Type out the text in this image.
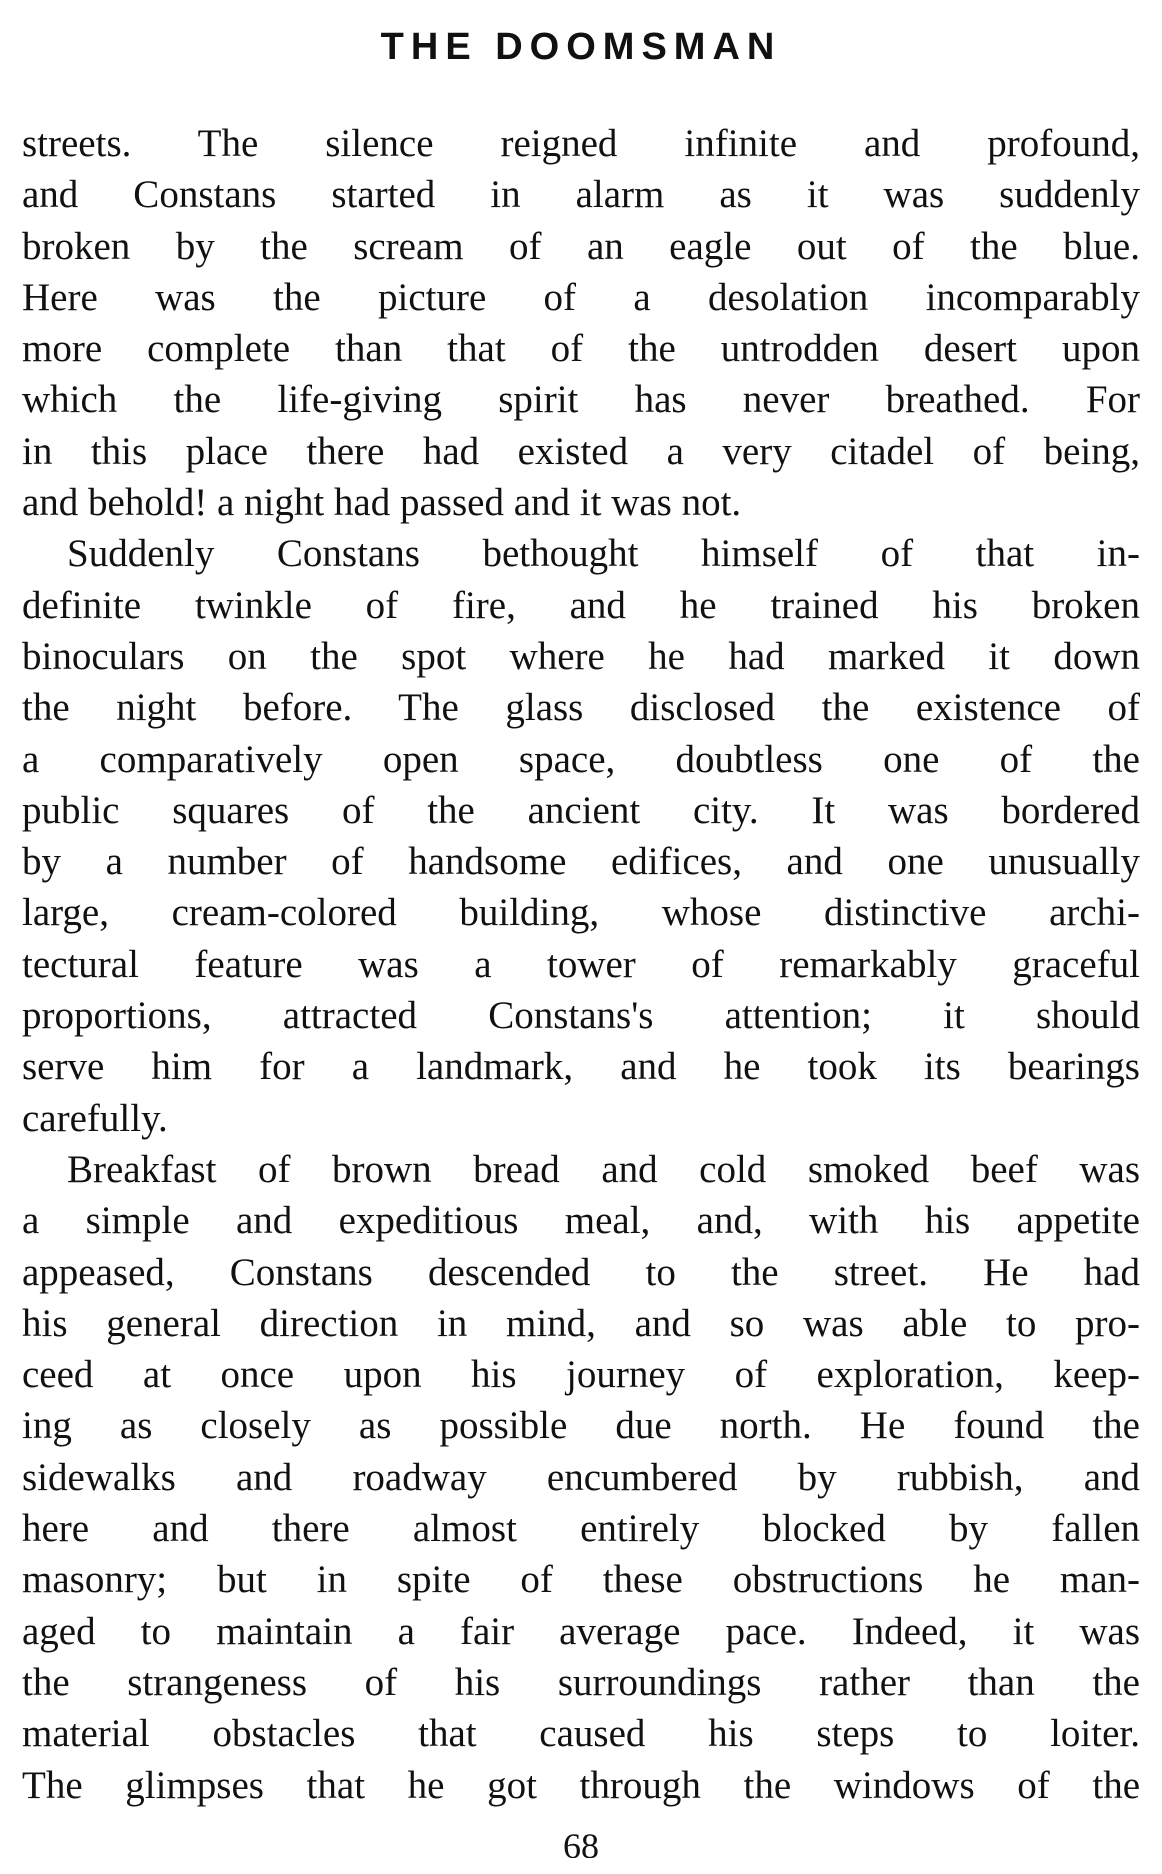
THE DOOMSMAN
streets. The silence reigned infinite and profound,
and Constans started in alarm as it was suddenly
broken by the scream of an eagle out of the blue.
Here was the picture of a desolation incomparably
more complete than that of the untrodden desert upon
which the life-giving spirit has never breathed. For
in this place there had existed a very citadel of being,
and behold! a night had passed and it was not.
Suddenly Constans bethought himself of that in-
definite twinkle of fire, and he trained his broken
binoculars on the spot where he had marked it down
the night before. The glass disclosed the existence of
a comparatively open space, doubtless one of the
public squares of the ancient city. It was bordered
by a number of handsome edifices, and one unusually
large, cream-colored building, whose distinctive archi-
tectural feature was a tower of remarkably graceful
proportions, attracted Constans's attention; it should
serve him for a landmark, and he took its bearings
carefully.
Breakfast of brown bread and cold smoked beef was
a simple and expeditious meal, and, with his appetite
appeased, Constans descended to the street. He had
his general direction in mind, and so was able to pro-
ceed at once upon his journey of exploration, keep-
ing as closely as possible due north. He found the
sidewalks and roadway encumbered by rubbish, and
here and there almost entirely blocked by fallen
masonry; but in spite of these obstructions he man-
aged to maintain a fair average pace. Indeed, it was
the strangeness of his surroundings rather than the
material obstacles that caused his steps to loiter.
The glimpses that he got through the windows of the
68
